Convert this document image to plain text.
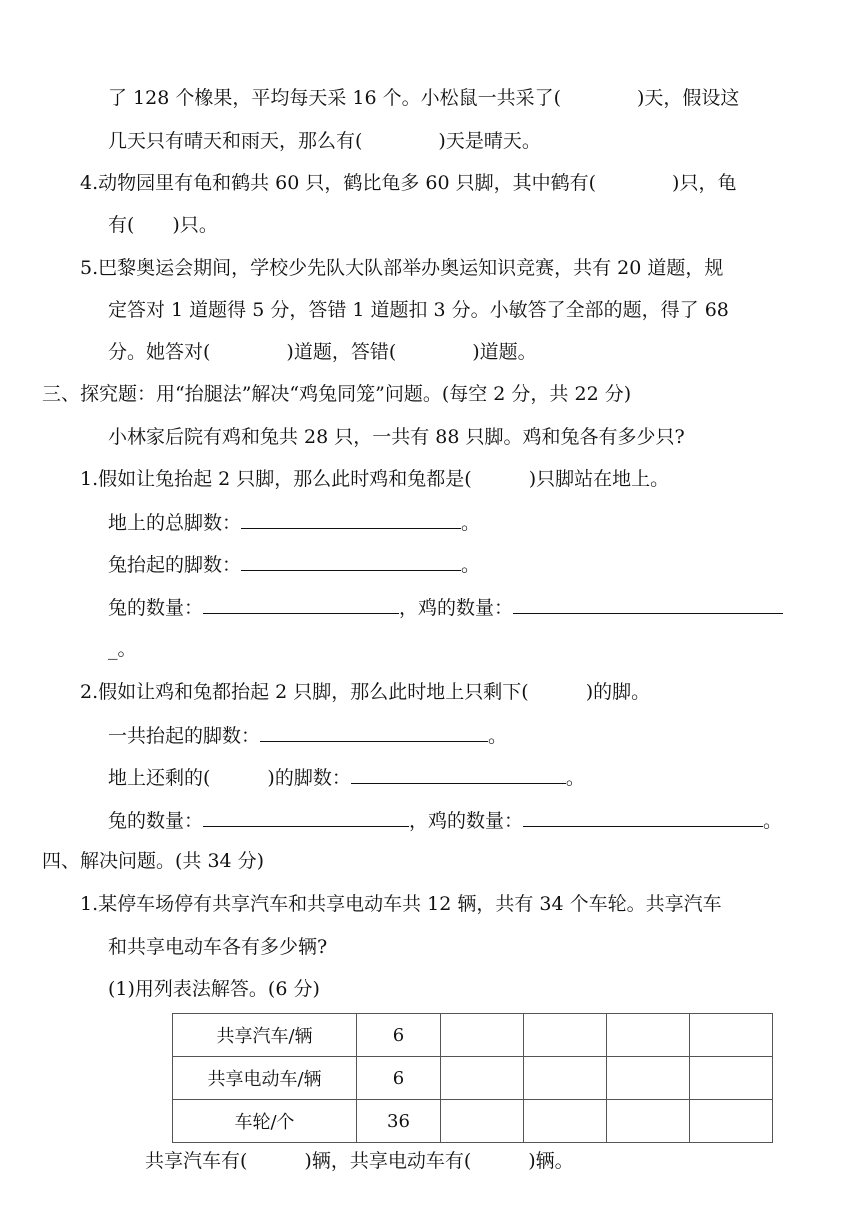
了 128 个橡果，平均每天采 16 个。小松鼠一共采了(　　　　)天，假设这
几天只有晴天和雨天，那么有(　　　　)天是晴天。
4.动物园里有龟和鹤共 60 只，鹤比龟多 60 只脚，其中鹤有(　　　　)只，龟
有(　　)只。
5.巴黎奥运会期间，学校少先队大队部举办奥运知识竞赛，共有 20 道题，规
定答对 1 道题得 5 分，答错 1 道题扣 3 分。小敏答了全部的题，得了 68
分。她答对(　　　　)道题，答错(　　　　)道题。
三、探究题：用“抬腿法”解决“鸡兔同笼”问题。(每空 2 分，共 22 分)
小林家后院有鸡和兔共 28 只，一共有 88 只脚。鸡和兔各有多少只?
1.假如让兔抬起 2 只脚，那么此时鸡和兔都是(　　　)只脚站在地上。
地上的总脚数：	。
兔抬起的脚数：	。
兔的数量：	，鸡的数量：
_。
2.假如让鸡和兔都抬起 2 只脚，那么此时地上只剩下(　　　)的脚。
一共抬起的脚数：	。
地上还剩的(　　　)的脚数：	。
兔的数量：	，鸡的数量：	。
四、解决问题。(共 34 分)
1.某停车场停有共享汽车和共享电动车共 12 辆，共有 34 个车轮。共享汽车
和共享电动车各有多少辆?
(1)用列表法解答。(6 分)
共享汽车/辆	6				
共享电动车/辆	6				
车轮/个	36				
共享汽车有(　　　)辆，共享电动车有(　　　)辆。
